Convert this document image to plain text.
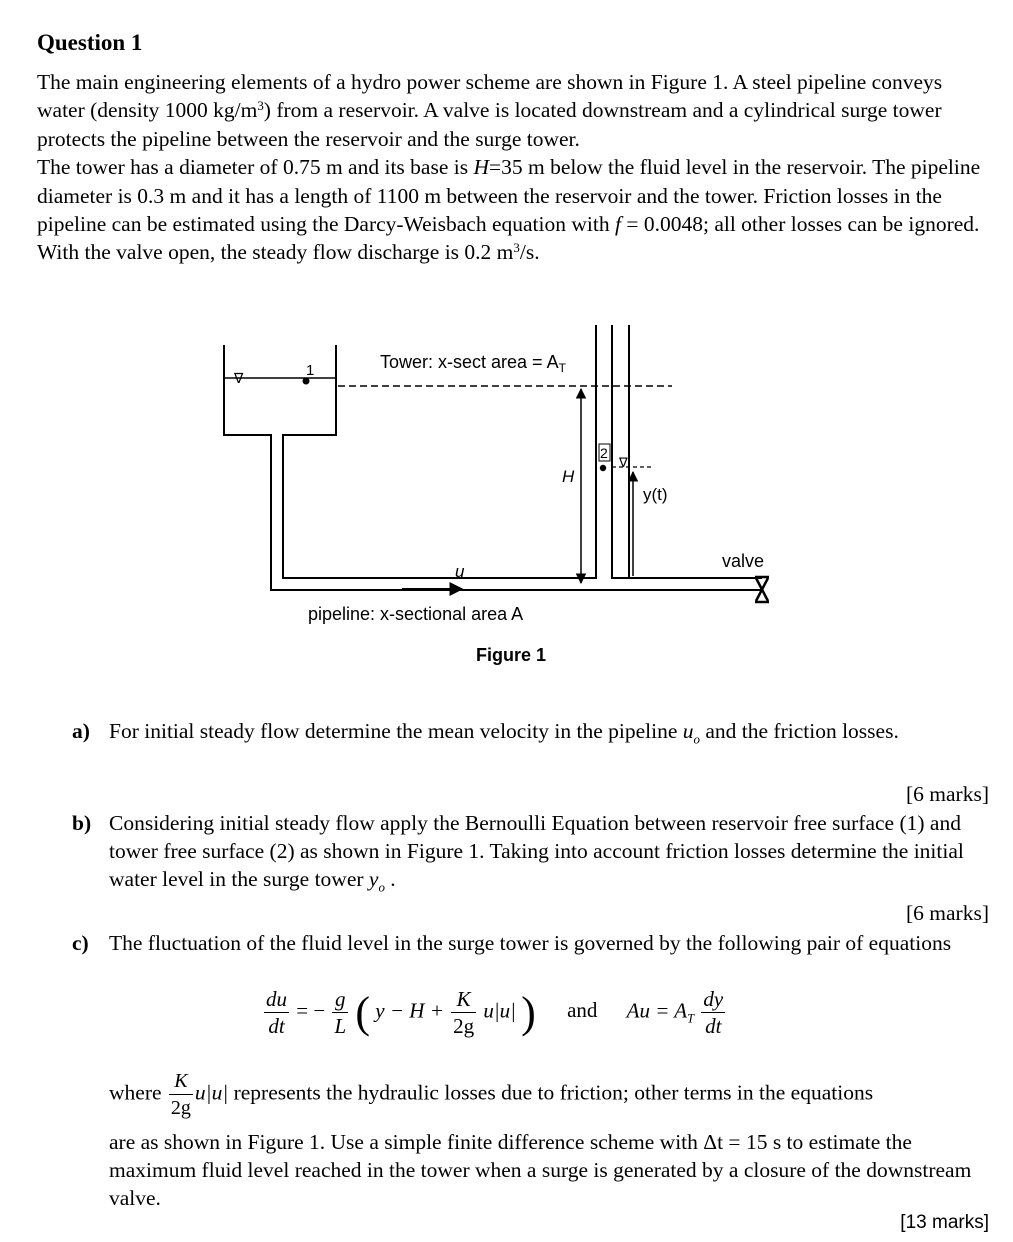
Question 1

The main engineering elements of a hydro power scheme are shown in Figure 1. A steel pipeline conveys water (density 1000 $kg/m^3$) from a reservoir. A valve is located downstream and a cylindrical surge tower protects the pipeline between the reservoir and the surge tower.

The tower has a diameter of 0.75 m and its base is H=35 m below the fluid level in the reservoir. The pipeline diameter is 0.3 m and it has a length of 1100 m between the reservoir and the tower. Friction losses in the pipeline can be estimated using the Darcy-Weisbach equation with f = 0.0048; all other losses can be ignored. With the valve open, the steady flow discharge is 0.2 $m^3/s$.

∇	1	Tower: x-sect area = $A_T$
H
2
∇
y(t)
u
valve
pipeline: x-sectional area A
Figure 1
a) For initial steady flow determine the mean velocity in the pipeline $u_o$ and the friction losses.
[6 marks]
b) Considering initial steady flow apply the Bernoulli Equation between reservoir free surface (1) and tower free surface (2) as shown in Figure 1. Taking into account friction losses determine the initial water level in the surge tower $y_o$ .
[6 marks]
c) The fluctuation of the fluid level in the surge tower is governed by the following pair of equations
$\frac{du}{dt}$ = − $\frac{g}{L}$ ( $y - H + \frac{K}{2g} u|u|$ ) and $Au = A_T \frac{dy}{dt}$
where $\frac{K}{2g} u|u|$ represents the hydraulic losses due to friction; other terms in the equations
are as shown in Figure 1. Use a simple finite difference scheme with Δt = 15 s to estimate the maximum fluid level reached in the tower when a surge is generated by a closure of the downstream valve.
[13 marks]
